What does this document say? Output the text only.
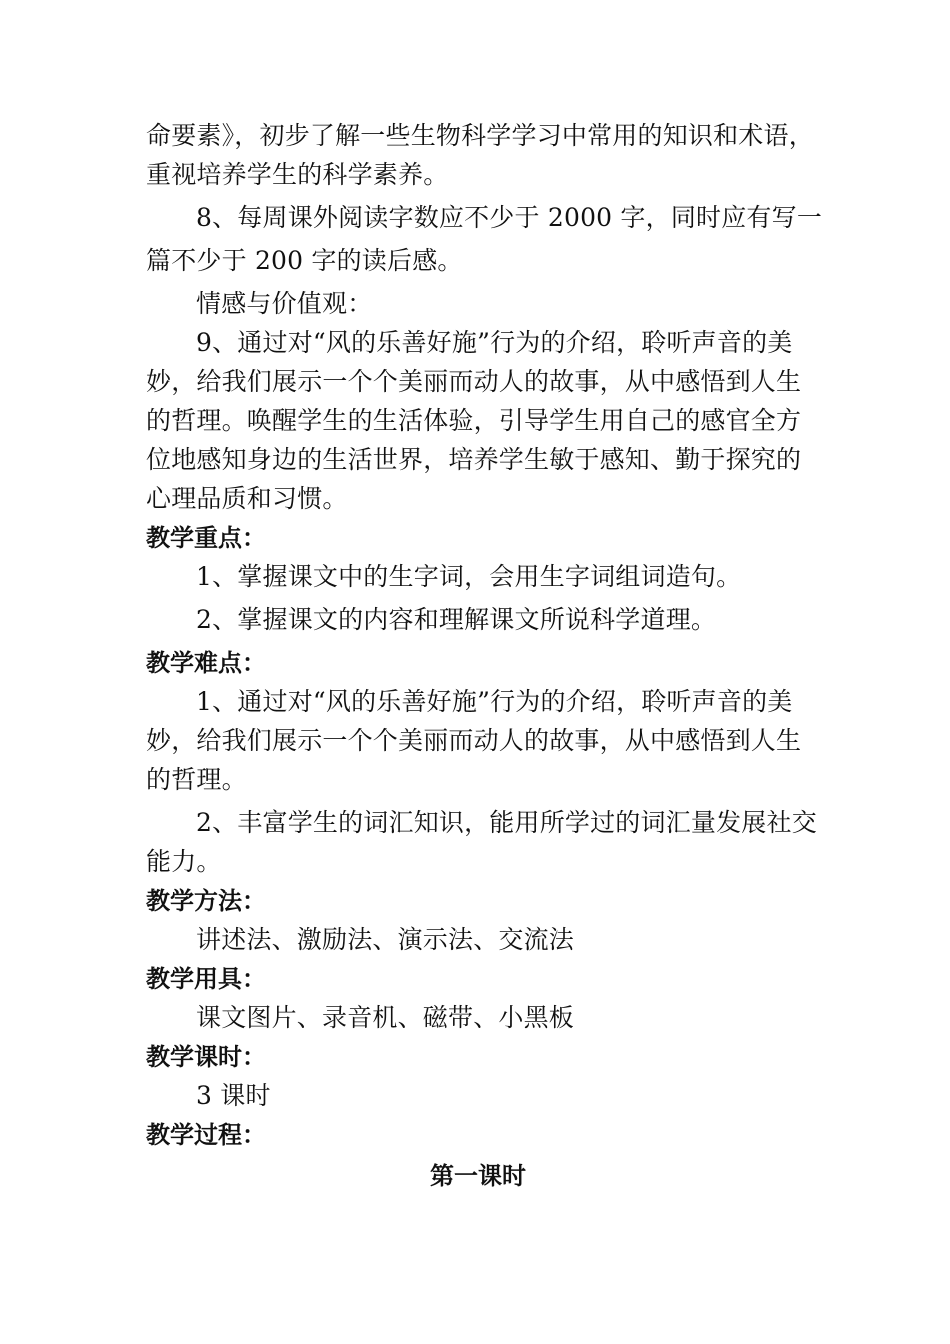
命要素》，初步了解一些生物科学学习中常用的知识和术语，
重视培养学生的科学素养。
8、每周课外阅读字数应不少于 2000 字，同时应有写一
篇不少于 200 字的读后感。
情感与价值观：
9、通过对“风的乐善好施”行为的介绍，聆听声音的美
妙，给我们展示一个个美丽而动人的故事，从中感悟到人生
的哲理。唤醒学生的生活体验，引导学生用自己的感官全方
位地感知身边的生活世界，培养学生敏于感知、勤于探究的
心理品质和习惯。
教学重点：
1、掌握课文中的生字词，会用生字词组词造句。
2、掌握课文的内容和理解课文所说科学道理。
教学难点：
1、通过对“风的乐善好施”行为的介绍，聆听声音的美
妙，给我们展示一个个美丽而动人的故事，从中感悟到人生
的哲理。
2、丰富学生的词汇知识，能用所学过的词汇量发展社交
能力。
教学方法：
讲述法、激励法、演示法、交流法
教学用具：
课文图片、录音机、磁带、小黑板
教学课时：
3 课时
教学过程：
第一课时
